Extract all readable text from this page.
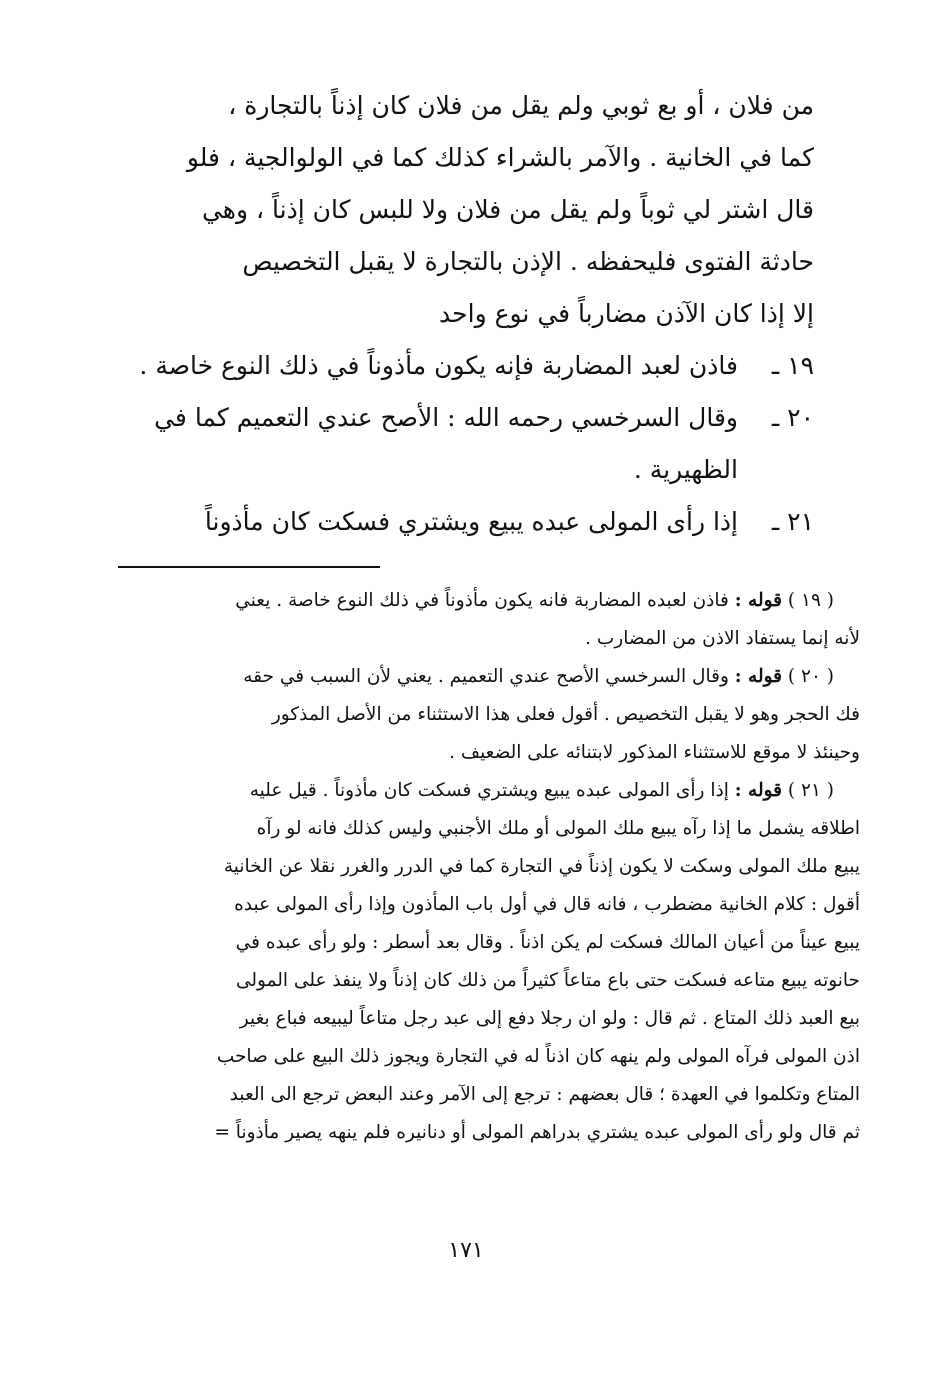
من فلان ، أو بع ثوبي ولم يقل من فلان كان إذناً بالتجارة ،
كما في الخانية . والآمر بالشراء كذلك كما في الولوالجية ، فلو
قال اشتر لي ثوباً ولم يقل من فلان ولا للبس كان إذناً ، وهي
حادثة الفتوى فليحفظه . الإذن بالتجارة لا يقبل التخصيص
إلا إذا كان الآذن مضارباً في نوع واحد
١٩ ـ
فاذن لعبد المضاربة فإنه يكون مأذوناً في ذلك النوع خاصة .
٢٠ ـ
وقال السرخسي رحمه الله : الأصح عندي التعميم كما في
الظهيرية .
٢١ ـ
إذا رأى المولى عبده يبيع ويشتري فسكت كان مأذوناً
( ١٩ ) قوله : فاذن لعبده المضاربة فانه يكون مأذوناً في ذلك النوع خاصة . يعني
لأنه إنما يستفاد الاذن من المضارب .
( ٢٠ ) قوله : وقال السرخسي الأصح عندي التعميم . يعني لأن السبب في حقه
فك الحجر وهو لا يقبل التخصيص . أقول فعلى هذا الاستثناء من الأصل المذكور
وحينئذ لا موقع للاستثناء المذكور لابتنائه على الضعيف .
( ٢١ ) قوله : إذا رأى المولى عبده يبيع ويشتري فسكت كان مأذوناً . قيل عليه
اطلاقه يشمل ما إذا رآه يبيع ملك المولى أو ملك الأجنبي وليس كذلك فانه لو رآه
يبيع ملك المولى وسكت لا يكون إذناً في التجارة كما في الدرر والغرر نقلا عن الخانية
أقول : كلام الخانية مضطرب ، فانه قال في أول باب المأذون وإذا رأى المولى عبده
يبيع عيناً من أعيان المالك فسكت لم يكن اذناً . وقال بعد أسطر : ولو رأى عبده في
حانوته يبيع متاعه فسكت حتى باع متاعاً كثيراً من ذلك كان إذناً ولا ينفذ على المولى
بيع العبد ذلك المتاع . ثم قال : ولو ان رجلا دفع إلى عبد رجل متاعاً ليبيعه فباع بغير
اذن المولى فرآه المولى ولم ينهه كان اذناً له في التجارة ويجوز ذلك البيع على صاحب
المتاع وتكلموا في العهدة ؛ قال بعضهم : ترجع إلى الآمر وعند البعض ترجع الى العبد
ثم قال ولو رأى المولى عبده يشتري بدراهم المولى أو دنانيره فلم ينهه يصير مأذوناً =
١٧١
